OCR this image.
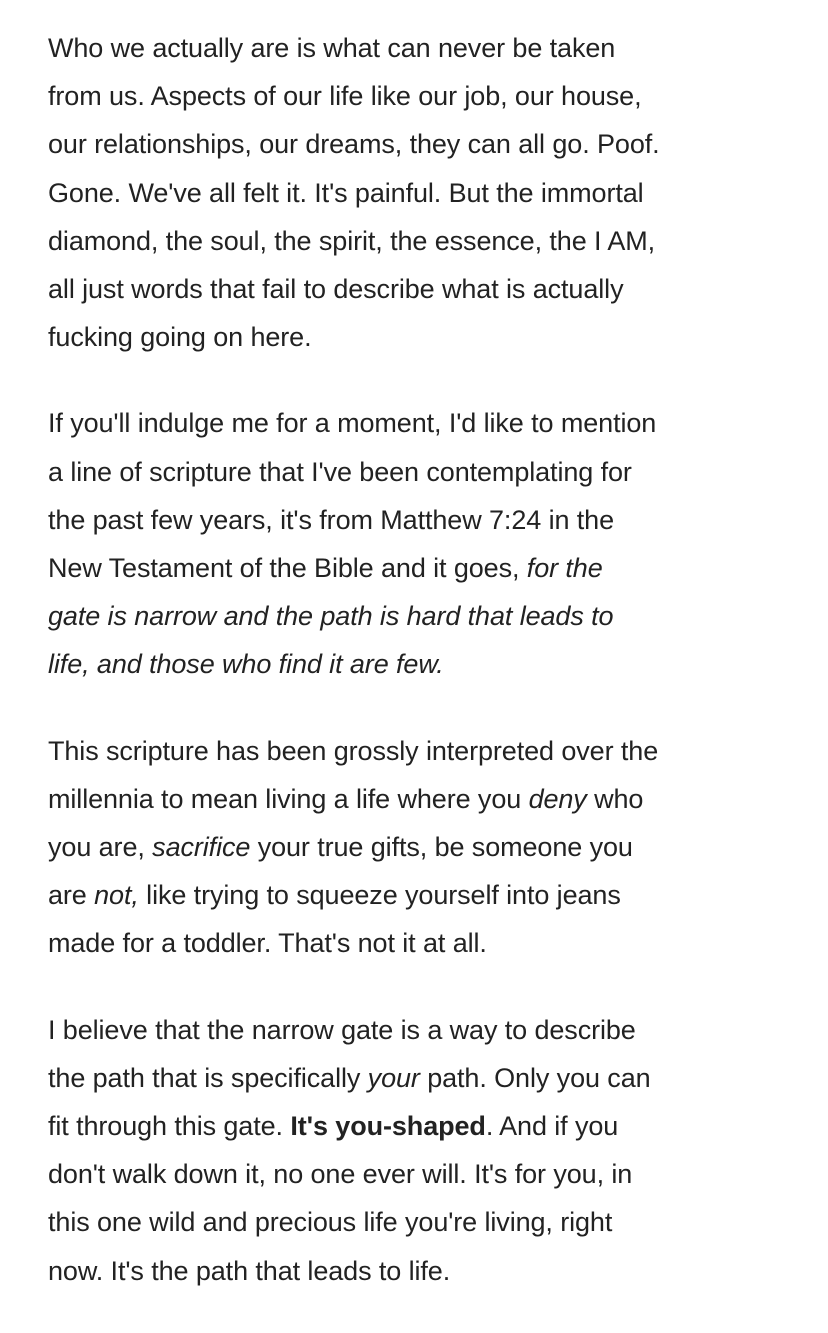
Who we actually are is what can never be taken
from us. Aspects of our life like our job, our house,
our relationships, our dreams, they can all go. Poof.
Gone. We've all felt it. It's painful. But the immortal
diamond, the soul, the spirit, the essence, the I AM,
all just words that fail to describe what is actually
fucking going on here.

If you'll indulge me for a moment, I'd like to mention
a line of scripture that I've been contemplating for
the past few years, it's from Matthew 7:24 in the
New Testament of the Bible and it goes, for the
gate is narrow and the path is hard that leads to
life, and those who find it are few.

This scripture has been grossly interpreted over the
millennia to mean living a life where you deny who
you are, sacrifice your true gifts, be someone you
are not, like trying to squeeze yourself into jeans
made for a toddler. That's not it at all.

I believe that the narrow gate is a way to describe
the path that is specifically your path. Only you can
fit through this gate. It's you-shaped. And if you
don't walk down it, no one ever will. It's for you, in
this one wild and precious life you're living, right
now. It's the path that leads to life.
